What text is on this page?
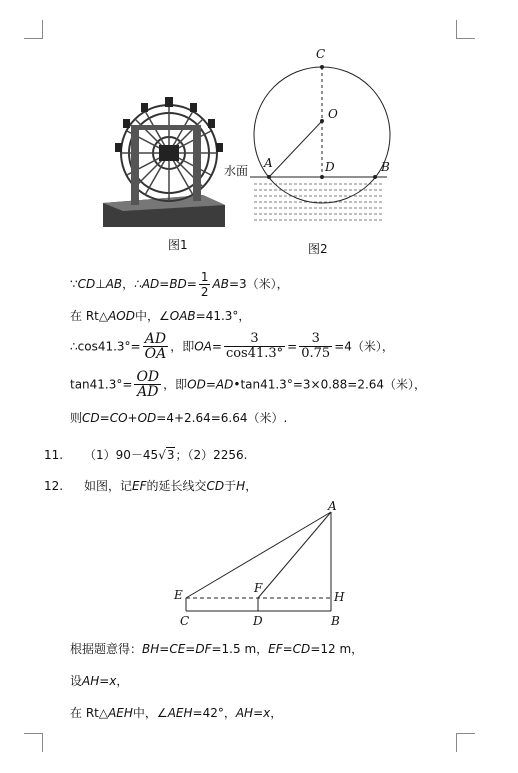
图1
C
O
A	D	B
水面
图2
∵CD⊥AB，∴AD=BD= $\frac{1}{2} AB=3$（米），
在 Rt△AOD中，∠OAB=41.3°，
∴cos41.3°= $\frac{AD}{OA}$ ，即$OA= \frac{3}{\cos 41.3^\circ} = \frac{3}{0.75} =4$（米），
$\tan 41.3^\circ= \frac{OD}{AD}$ ，即OD=AD•tan41.3°=3×0.88=2.64（米），
则CD=CO+OD=4+2.64=6.64（米）.
11. （1）90－45√3；（2）2256.
12. 如图，记EF的延长线交CD于H，
A
E	F
H
C	D	B
根据题意得：BH=CE=DF=1.5 m，EF=CD=12 m，
设AH=x，
在 Rt△AEH中，∠AEH=42°，AH=x，
